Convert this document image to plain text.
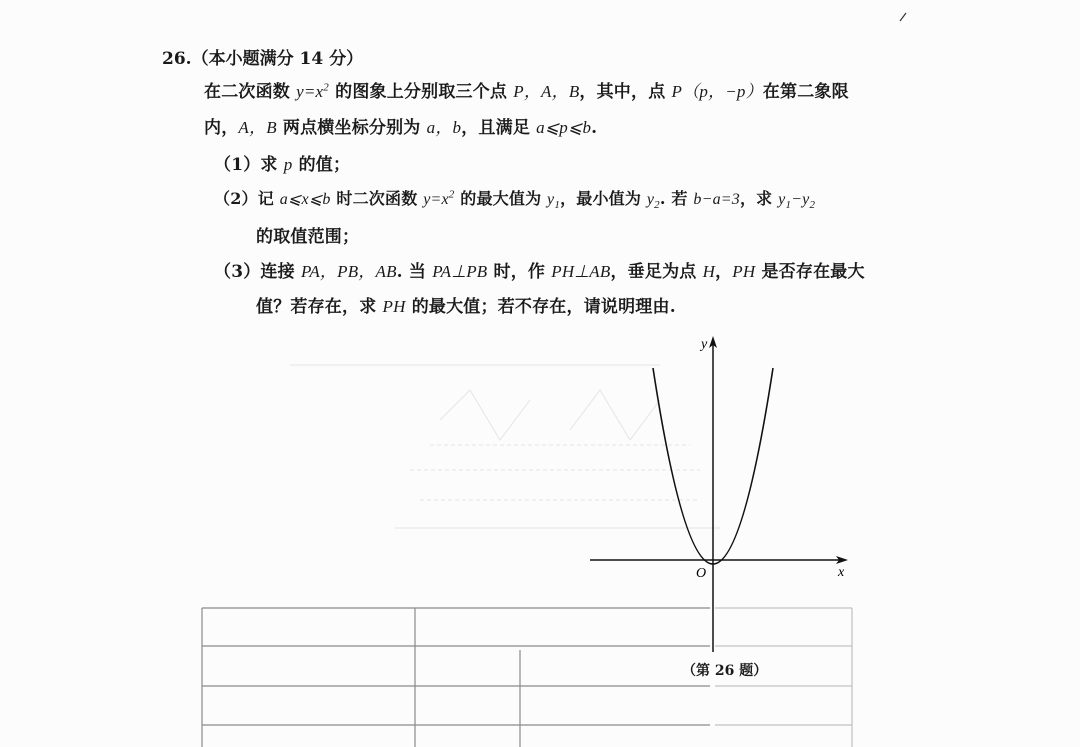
26.（本小题满分 14 分）
在二次函数 $y=x^2$ 的图象上分别取三个点 P，A，B，其中，点 P（p，−p）在第二象限
内，A，B 两点横坐标分别为 a，b，且满足 a⩽p⩽b.
（1）求 p 的值；
（2）记 a⩽x⩽b 时二次函数 $y=x^2$ 的最大值为 $y_1$，最小值为 $y_2$. 若 b−a=3，求 $y_1-y_2$
的取值范围；
（3）连接 PA，PB，AB. 当 PA⊥PB 时，作 PH⊥AB，垂足为点 H，PH 是否存在最大
值？若存在，求 PH 的最大值；若不存在，请说明理由.
y
x
O
（第 26 题）
